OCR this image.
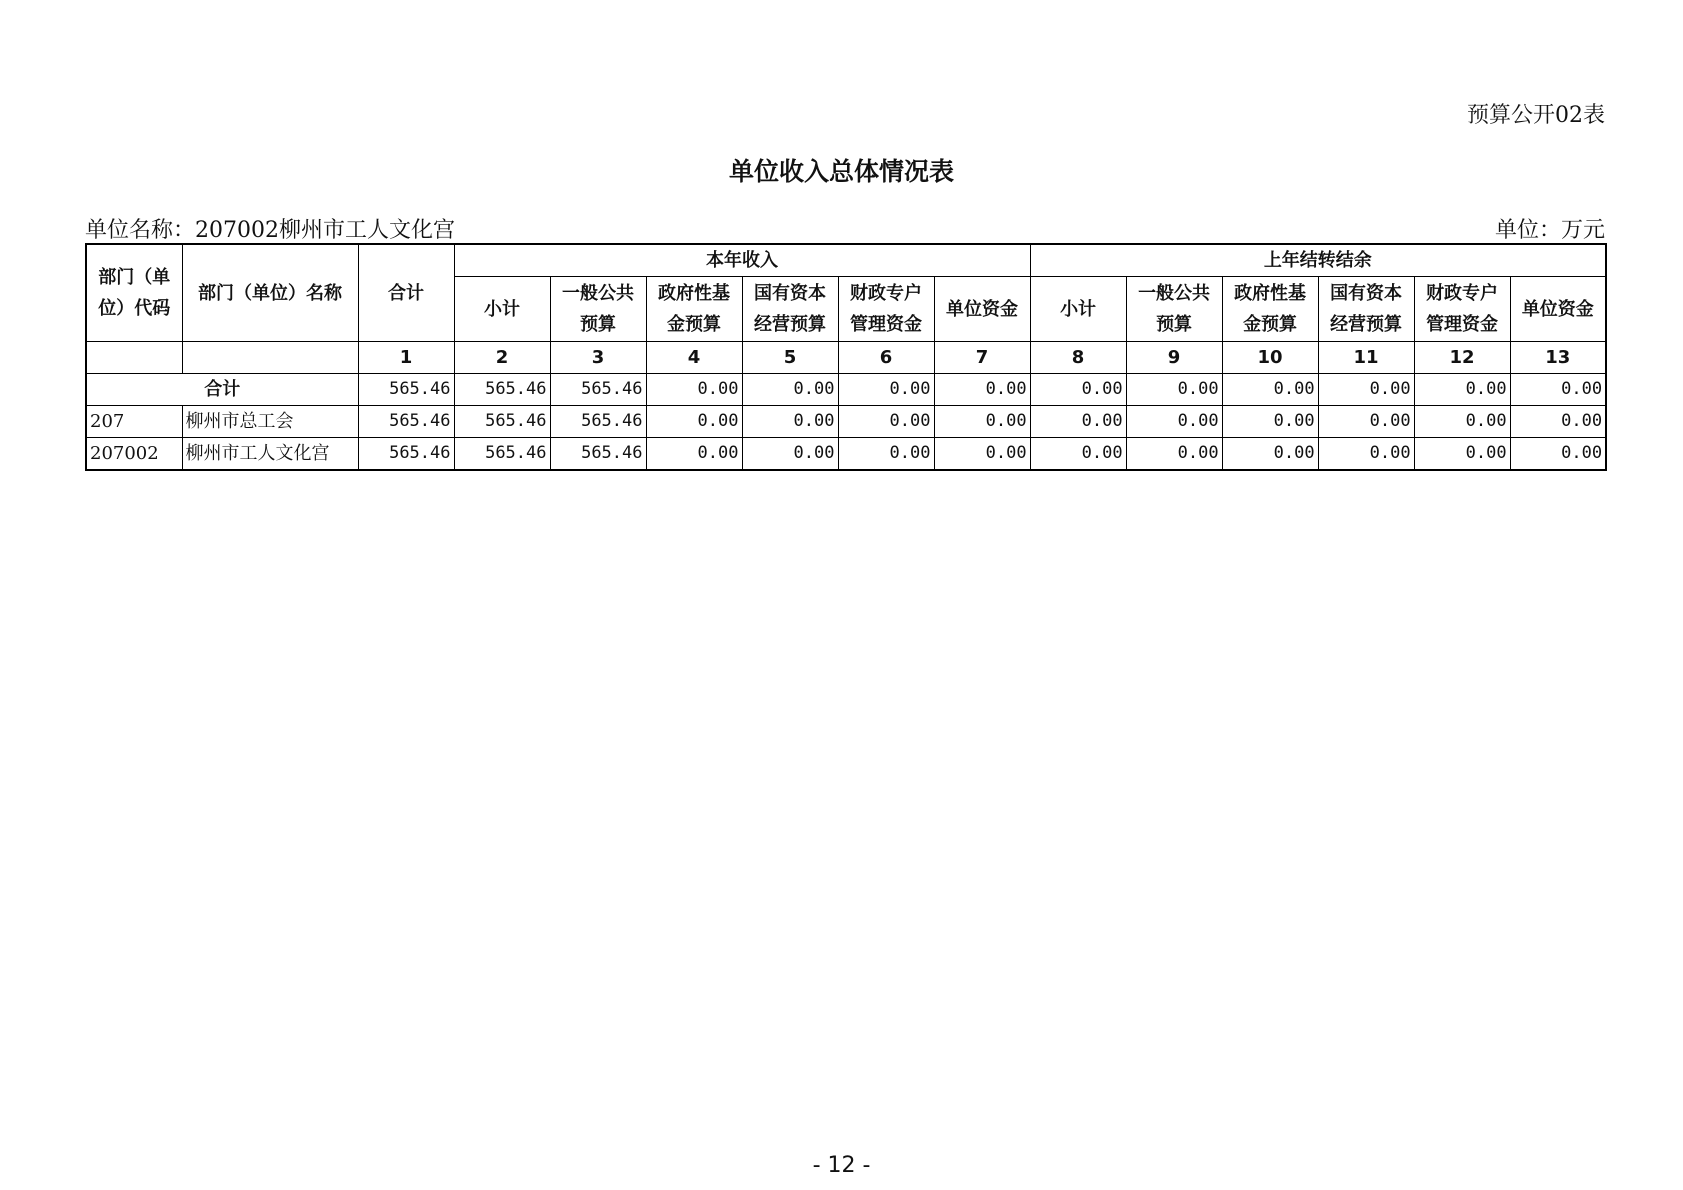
预算公开02表
单位收入总体情况表
单位名称：207002柳州市工人文化宫	单位：万元
部门（单位）代码	部门（单位）名称	合计	本年收入						上年结转结余					
			小计	一般公共预算	政府性基金预算	国有资本经营预算	财政专户管理资金	单位资金	小计	一般公共预算	政府性基金预算	国有资本经营预算	财政专户管理资金	单位资金
		1	2	3	4	5	6	7	8	9	10	11	12	13
合计		565.46	565.46	565.46	0.00	0.00	0.00	0.00	0.00	0.00	0.00	0.00	0.00	0.00
207	柳州市总工会	565.46	565.46	565.46	0.00	0.00	0.00	0.00	0.00	0.00	0.00	0.00	0.00	0.00
207002	柳州市工人文化宫	565.46	565.46	565.46	0.00	0.00	0.00	0.00	0.00	0.00	0.00	0.00	0.00	0.00
- 12 -
